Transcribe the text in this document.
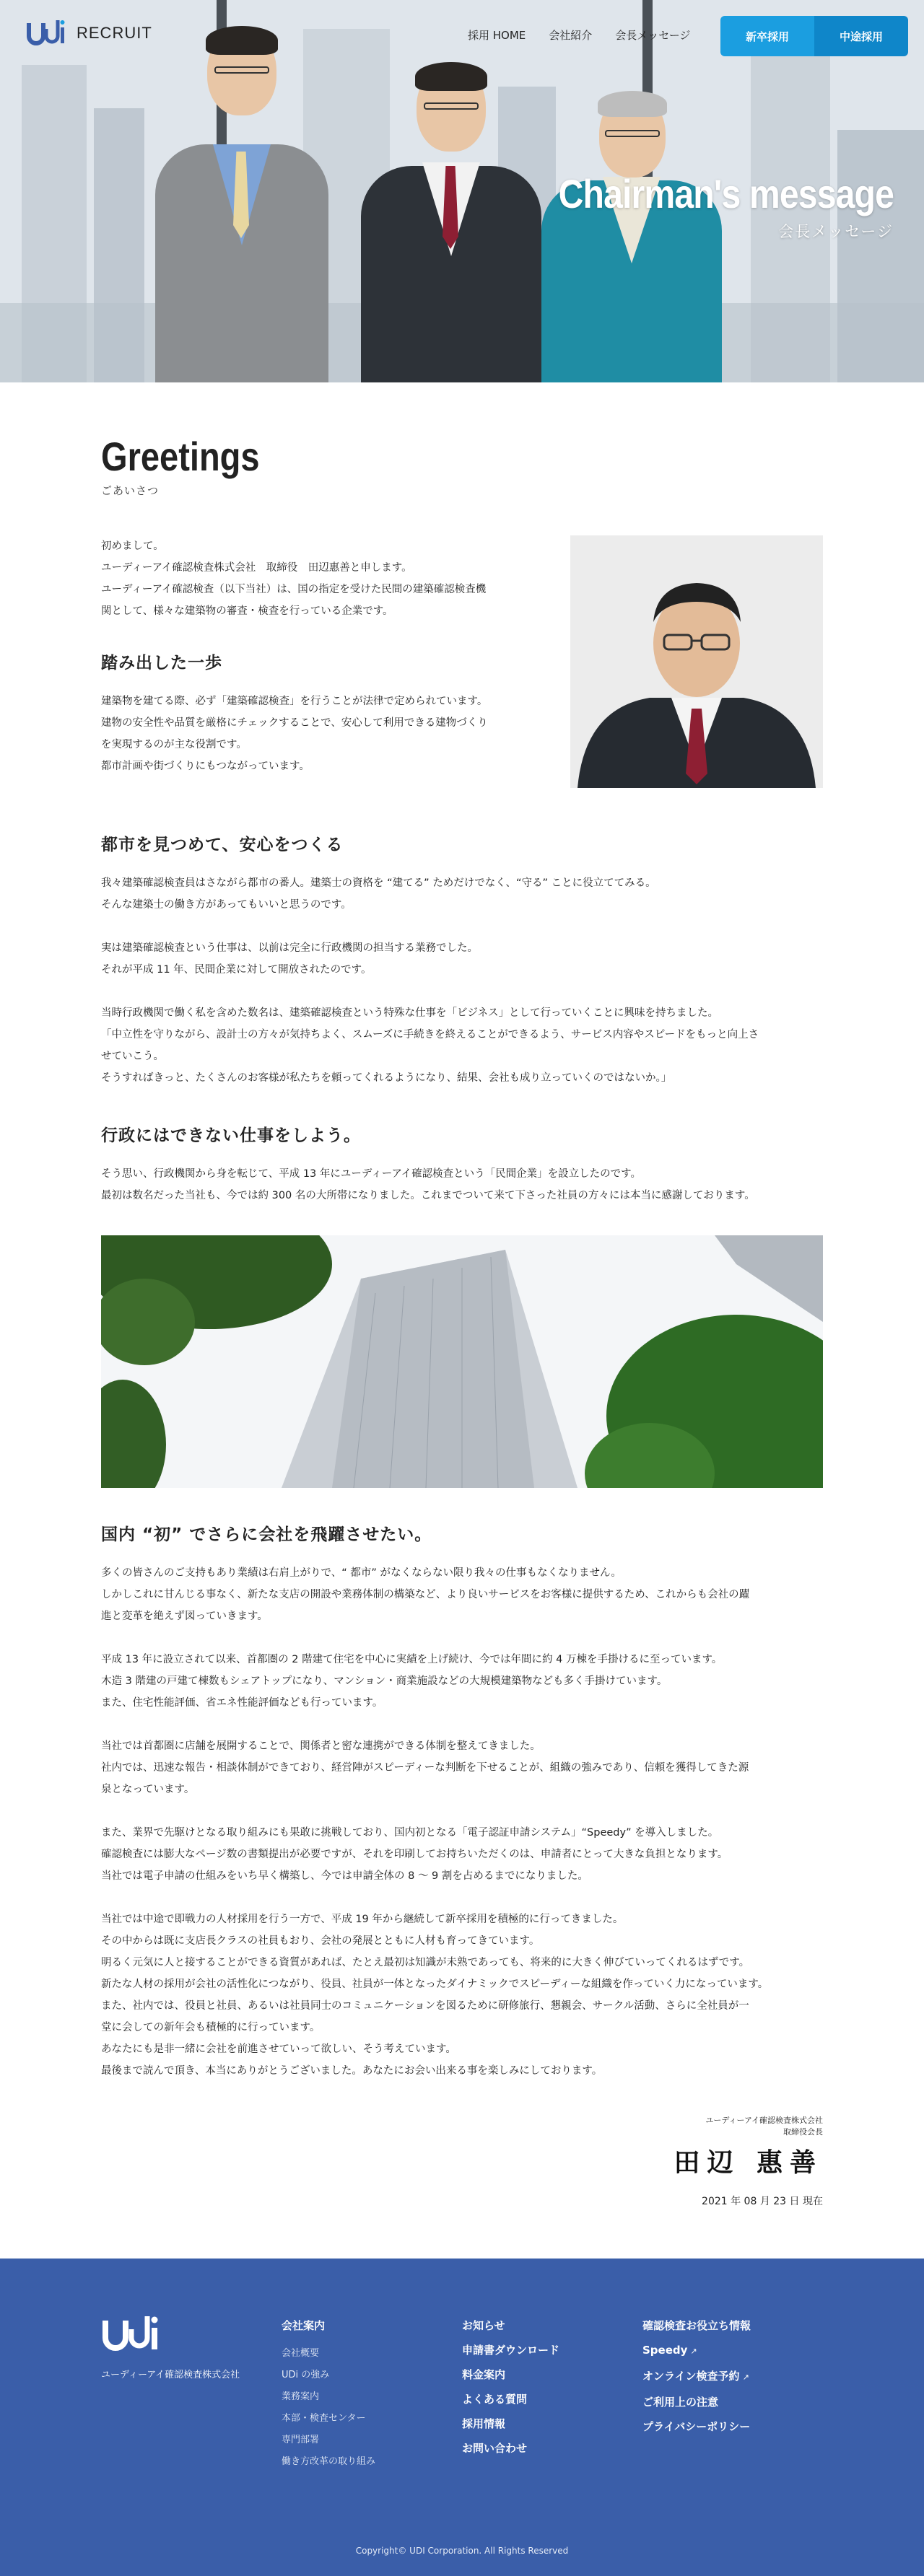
RECRUIT	採用 HOME 会社紹介 会長メッセージ	新卒採用	中途採用
Chairman's message
会長メッセージ
Greetings
ごあいさつ

初めまして。
ユーディーアイ確認検査株式会社　取締役　田辺惠善と申します。
ユーディーアイ確認検査（以下当社）は、国の指定を受けた民間の建築確認検査機
関として、様々な建築物の審査・検査を行っている企業です。

踏み出した一歩

建築物を建てる際、必ず「建築確認検査」を行うことが法律で定められています。
建物の安全性や品質を厳格にチェックすることで、安心して利用できる建物づくり
を実現するのが主な役割です。
都市計画や街づくりにもつながっています。

都市を見つめて、安心をつくる

我々建築確認検査員はさながら都市の番人。建築士の資格を “建てる” ためだけでなく、“守る” ことに役立ててみる。
そんな建築士の働き方があってもいいと思うのです。

実は建築確認検査という仕事は、以前は完全に行政機関の担当する業務でした。
それが平成 11 年、民間企業に対して開放されたのです。

当時行政機関で働く私を含めた数名は、建築確認検査という特殊な仕事を「ビジネス」として行っていくことに興味を持ちました。
「中立性を守りながら、設計士の方々が気持ちよく、スムーズに手続きを終えることができるよう、サービス内容やスピードをもっと向上さ
せていこう。
そうすればきっと、たくさんのお客様が私たちを頼ってくれるようになり、結果、会社も成り立っていくのではないか。」

行政にはできない仕事をしよう。

そう思い、行政機関から身を転じて、平成 13 年にユーディーアイ確認検査という「民間企業」を設立したのです。
最初は数名だった当社も、今では約 300 名の大所帯になりました。これまでついて来て下さった社員の方々には本当に感謝しております。

国内 “初” でさらに会社を飛躍させたい。

多くの皆さんのご支持もあり業績は右肩上がりで、“ 都市” がなくならない限り我々の仕事もなくなりません。
しかしこれに甘んじる事なく、新たな支店の開設や業務体制の構築など、より良いサービスをお客様に提供するため、これからも会社の躍
進と変革を絶えず図っていきます。

平成 13 年に設立されて以来、首都圏の 2 階建て住宅を中心に実績を上げ続け、今では年間に約 4 万棟を手掛けるに至っています。
木造 3 階建の戸建て棟数もシェアトップになり、マンション・商業施設などの大規模建築物なども多く手掛けています。
また、住宅性能評価、省エネ性能評価なども行っています。

当社では首都圏に店舗を展開することで、関係者と密な連携ができる体制を整えてきました。
社内では、迅速な報告・相談体制ができており、経営陣がスピーディーな判断を下せることが、組織の強みであり、信頼を獲得してきた源
泉となっています。

また、業界で先駆けとなる取り組みにも果敢に挑戦しており、国内初となる「電子認証申請システム」“Speedy” を導入しました。
確認検査には膨大なページ数の書類提出が必要ですが、それを印刷してお持ちいただくのは、申請者にとって大きな負担となります。
当社では電子申請の仕組みをいち早く構築し、今では申請全体の 8 ～ 9 割を占めるまでになりました。

当社では中途で即戦力の人材採用を行う一方で、平成 19 年から継続して新卒採用を積極的に行ってきました。
その中からは既に支店長クラスの社員もおり、会社の発展とともに人材も育ってきています。
明るく元気に人と接することができる資質があれば、たとえ最初は知識が未熟であっても、将来的に大きく伸びていってくれるはずです。
新たな人材の採用が会社の活性化につながり、役員、社員が一体となったダイナミックでスピーディーな組織を作っていく力になっています。
また、社内では、役員と社員、あるいは社員同士のコミュニケーションを図るために研修旅行、懇親会、サークル活動、さらに全社員が一
堂に会しての新年会も積極的に行っています。
あなたにも是非一緒に会社を前進させていって欲しい、そう考えています。
最後まで読んで頂き、本当にありがとうございました。あなたにお会い出来る事を楽しみにしております。

ユーディーアイ確認検査株式会社
取締役会長
田辺 惠善
2021 年 08 月 23 日 現在
ユーディーアイ確認検査株式会社
会社案内
会社概要
UDi の強み
業務案内
本部・検査センター
専門部署
働き方改革の取り組み
お知らせ
申請書ダウンロード
料金案内
よくある質問
採用情報
お問い合わせ
確認検査お役立ち情報
Speedy ↗
オンライン検査予約 ↗
ご利用上の注意
プライバシーポリシー
Copyright© UDI Corporation. All Rights Reserved
